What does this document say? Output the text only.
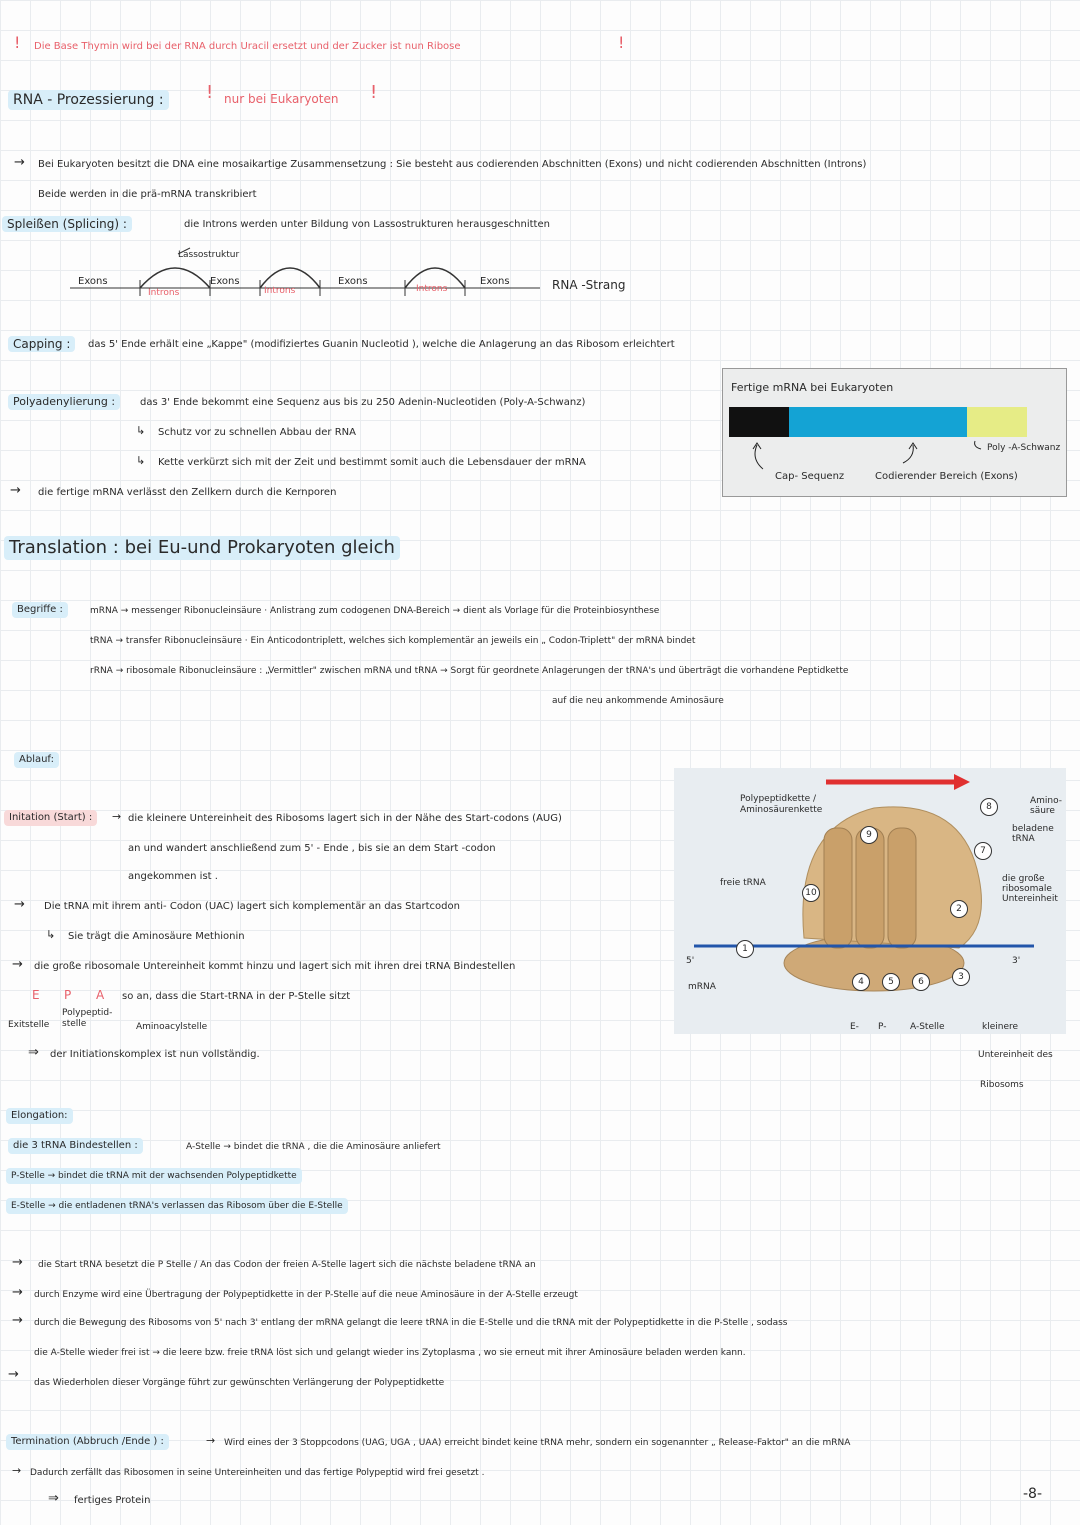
! Die Base Thymin wird bei der RNA durch Uracil ersetzt und der Zucker ist nun Ribose	!
RNA - Prozessierung : ! nur bei Eukaryoten !
→ Bei Eukaryoten besitzt die DNA eine mosaikartige Zusammensetzung : Sie besteht aus codierenden Abschnitten (Exons) und nicht codierenden Abschnitten (Introns)
Beide werden in die prä-mRNA transkribiert
Spleißen (Splicing) :	die Introns werden unter Bildung von Lassostrukturen herausgeschnitten
Lassostruktur
Exons
Introns
Exons
Introns
Exons
Introns
Exons	RNA -Strang
Capping :	das 5' Ende erhält eine „Kappe" (modifiziertes Guanin Nucleotid ), welche die Anlagerung an das Ribosom erleichtert
Polyadenylierung :	das 3' Ende bekommt eine Sequenz aus bis zu 250 Adenin-Nucleotiden (Poly-A-Schwanz)
↳ Schutz vor zu schnellen Abbau der RNA
↳ Kette verkürzt sich mit der Zeit und bestimmt somit auch die Lebensdauer der mRNA
→ die fertige mRNA verlässt den Zellkern durch die Kernporen
Fertige mRNA bei Eukaryoten
Cap- Sequenz	Codierender Bereich (Exons)
Poly -A-Schwanz
Translation : bei Eu-und Prokaryoten gleich
Begriffe :	mRNA → messenger Ribonucleinsäure · Anlistrang zum codogenen DNA-Bereich → dient als Vorlage für die Proteinbiosynthese
tRNA → transfer Ribonucleinsäure · Ein Anticodontriplett, welches sich komplementär an jeweils ein „ Codon-Triplett" der mRNA bindet
rRNA → ribosomale Ribonucleinsäure : „Vermittler" zwischen mRNA und tRNA → Sorgt für geordnete Anlagerungen der tRNA's und überträgt die vorhandene Peptidkette
auf die neu ankommende Aminosäure
Ablauf:
Initation (Start) :	→ die kleinere Untereinheit des Ribosoms lagert sich in der Nähe des Start-codons (AUG)
an und wandert anschließend zum 5' - Ende , bis sie an dem Start -codon
angekommen ist .
→ Die tRNA mit ihrem anti- Codon (UAC) lagert sich komplementär an das Startcodon
↳ Sie trägt die Aminosäure Methionin
→ die große ribosomale Untereinheit kommt hinzu und lagert sich mit ihren drei tRNA Bindestellen
E P A so an, dass die Start-tRNA in der P-Stelle sitzt
Exitstelle
Polypeptid- stelle	Aminoacylstelle
⇒ der Initiationskomplex ist nun vollständig.
Polypeptidkette / Aminosäurenkette
freie tRNA
mRNA
5'	3'
Amino- säure
beladene tRNA
die große ribosomale Untereinheit
E- P-	A-Stelle
1
2
3
4	5	6
7
8
9
10
kleinere
Untereinheit des
Ribosoms
Elongation:
die 3 tRNA Bindestellen :	A-Stelle → bindet die tRNA , die die Aminosäure anliefert
P-Stelle → bindet die tRNA mit der wachsenden Polypeptidkette
E-Stelle → die entladenen tRNA's verlassen das Ribosom über die E-Stelle
→ die Start tRNA besetzt die P Stelle / An das Codon der freien A-Stelle lagert sich die nächste beladene tRNA an
→ durch Enzyme wird eine Übertragung der Polypeptidkette in der P-Stelle auf die neue Aminosäure in der A-Stelle erzeugt
→ durch die Bewegung des Ribosoms von 5' nach 3' entlang der mRNA gelangt die leere tRNA in die E-Stelle und die tRNA mit der Polypeptidkette in die P-Stelle , sodass
die A-Stelle wieder frei ist → die leere bzw. freie tRNA löst sich und gelangt wieder ins Zytoplasma , wo sie erneut mit ihrer Aminosäure beladen werden kann.
→
das Wiederholen dieser Vorgänge führt zur gewünschten Verlängerung der Polypeptidkette
Termination (Abbruch /Ende ) :	→ Wird eines der 3 Stoppcodons (UAG, UGA , UAA) erreicht bindet keine tRNA mehr, sondern ein sogenannter „ Release-Faktor" an die mRNA
→ Dadurch zerfällt das Ribosomen in seine Untereinheiten und das fertige Polypeptid wird frei gesetzt .
⇒ fertiges Protein	-8-
